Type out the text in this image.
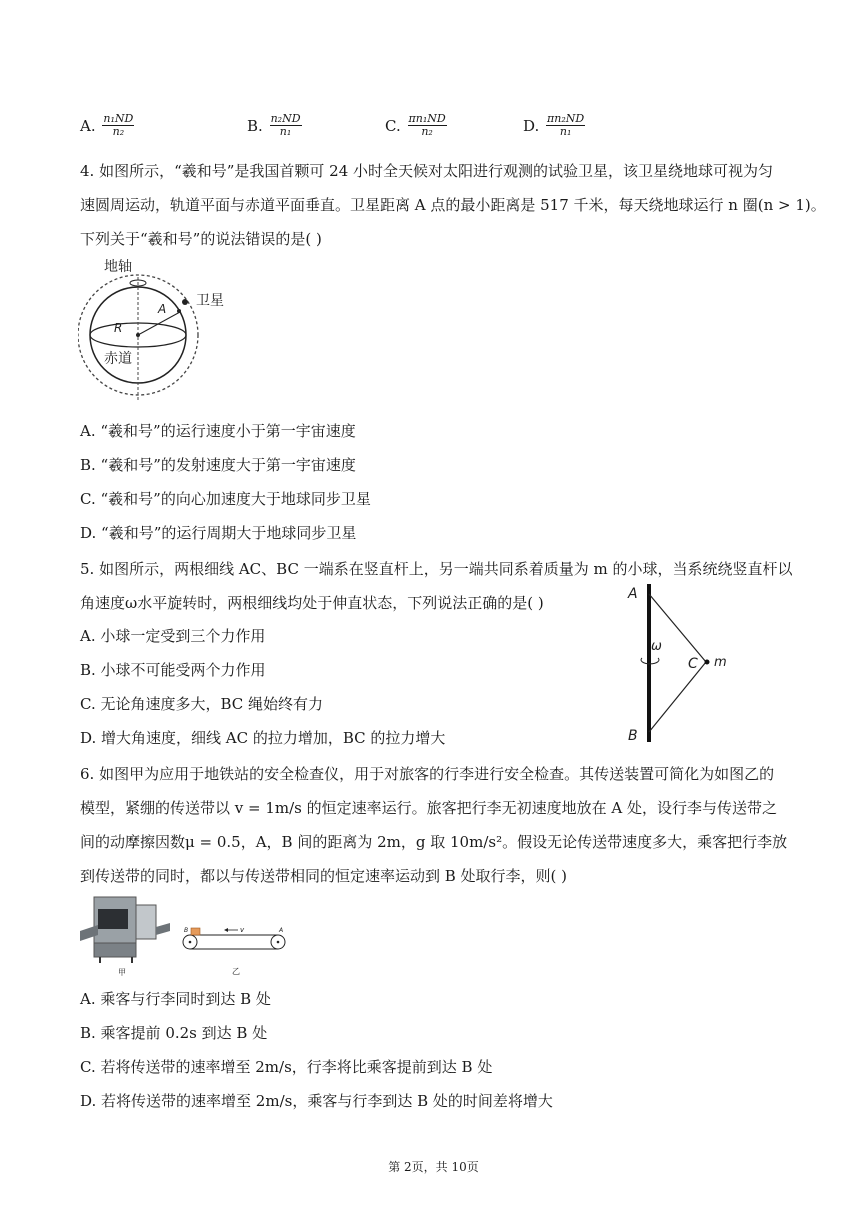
A. $\frac{\text{n₁ND}}{\text{n₂}}$	B. $\frac{\text{n₂ND}}{\text{n₁}}$	C. $\frac{\text{πn₁ND}}{\text{n₂}}$	D. $\frac{\text{πn₂ND}}{\text{n₁}}$
4. 如图所示，“羲和号”是我国首颗可 24 小时全天候对太阳进行观测的试验卫星，该卫星绕地球可视为匀
速圆周运动，轨道平面与赤道平面垂直。卫星距离 A 点的最小距离是 517 千米，每天绕地球运行 n 圈(n > 1)。
下列关于“羲和号”的说法错误的是( )
地轴
卫星
A
R
赤道
A. “羲和号”的运行速度小于第一宇宙速度
B. “羲和号”的发射速度大于第一宇宙速度
C. “羲和号”的向心加速度大于地球同步卫星
D. “羲和号”的运行周期大于地球同步卫星
5. 如图所示，两根细线 AC、BC 一端系在竖直杆上，另一端共同系着质量为 m 的小球，当系统绕竖直杆以
角速度ω水平旋转时，两根细线均处于伸直状态，下列说法正确的是( )
A. 小球一定受到三个力作用
B. 小球不可能受两个力作用
C. 无论角速度多大，BC 绳始终有力
D. 增大角速度，细线 AC 的拉力增加，BC 的拉力增大
A
B
C m
ω
6. 如图甲为应用于地铁站的安全检查仪，用于对旅客的行李进行安全检查。其传送装置可简化为如图乙的
模型，紧绷的传送带以 v = 1m/s 的恒定速率运行。旅客把行李无初速度地放在 A 处，设行李与传送带之
间的动摩擦因数μ = 0.5，A，B 间的距离为 2m，g 取 10m/s²。假设无论传送带速度多大，乘客把行李放
到传送带的同时，都以与传送带相同的恒定速率运动到 B 处取行李，则( )
甲
v
B	A
乙
A. 乘客与行李同时到达 B 处
B. 乘客提前 0.2s 到达 B 处
C. 若将传送带的速率增至 2m/s，行李将比乘客提前到达 B 处
D. 若将传送带的速率增至 2m/s，乘客与行李到达 B 处的时间差将增大
第 2页，共 10页
